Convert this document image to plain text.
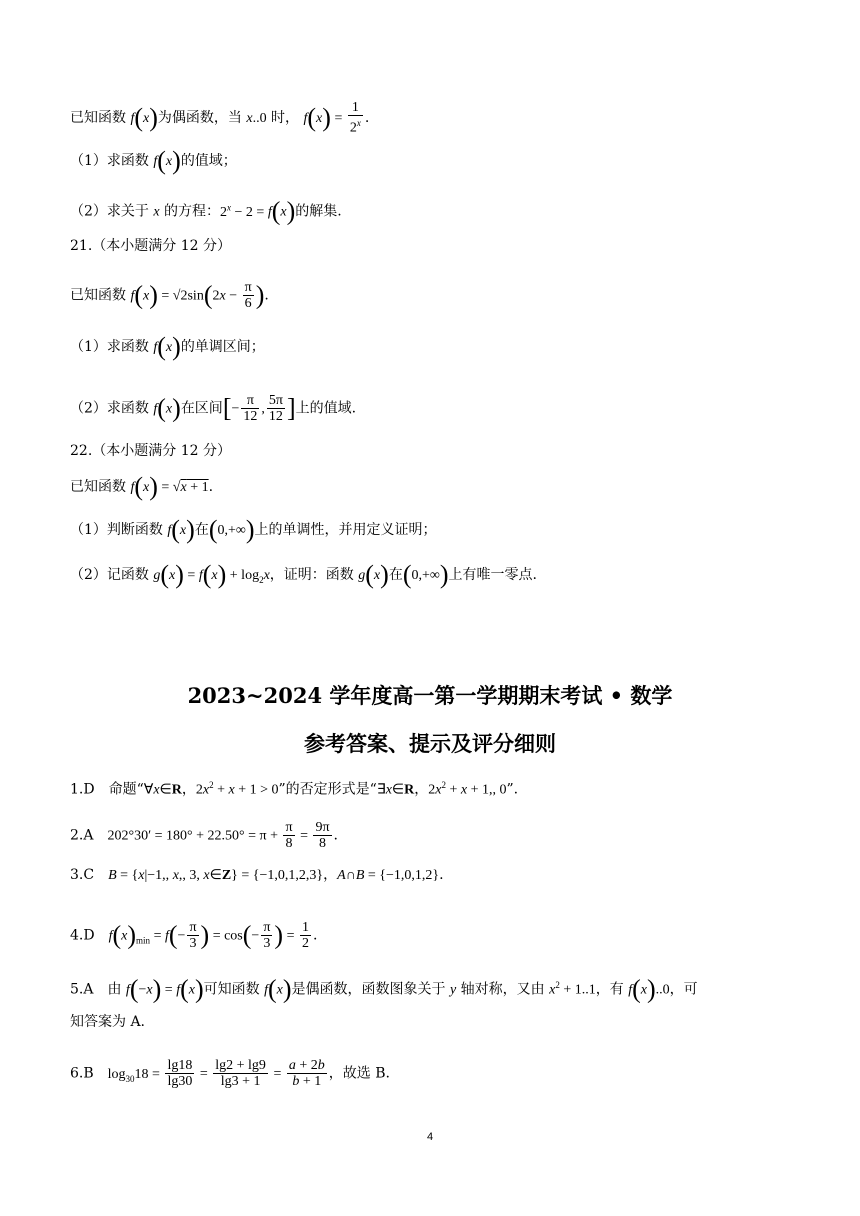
已知函数 f(x)为偶函数，当 x..0 时， $f(x) = \frac{1}{2^x}$ .
（1）求函数 f(x)的值域；
（2）求关于 x 的方程：$2^x - 2 = f(x)$的解集.
21.（本小题满分 12 分）
已知函数 $f(x) = √2\sin(2x - \frac{\pi}{6}$ ).
（1）求函数 f(x)的单调区间；
（2）求函数 f(x)在区间[− $\frac{\pi}{12}$ , $\frac{5\pi}{12}$ ]上的值域.
22.（本小题满分 12 分）
已知函数 f(x) = √x + 1.
（1）判断函数 f(x)在(0,+∞)上的单调性，并用定义证明；
（2）记函数 $g(x) = f(x) + \log_2x$，证明：函数 g(x)在(0,+∞)上有唯一零点.
2023~2024 学年度高一第一学期期末考试 • 数学
参考答案、提示及评分细则
1.D　命题“∀x∈R，$2x^2 + x + 1 > 0$”的否定形式是“∃x∈R，$2x^2 + x + 1$,, 0”.
2.A　$202^\circ 30' = 180^\circ + 22.50^\circ = \pi + \frac{\pi}{8} = \frac{9\pi}{8}$ .
3.C　B = {x|−1,, x,, 3, x∈Z} = {−1,0,1,2,3}，A∩B = {−1,0,1,2}.
4.D　$f(x)_{min} = f(- \frac{\pi}{3}$ ) = $\cos(- \frac{\pi}{3}$ ) = $\frac{1}{2}$ .
5.A　由 f(−x) = f(x)可知函数 f(x)是偶函数，函数图象关于 y 轴对称，又由 $x^2 + 1..1$，有 f(x)..0，可
知答案为 A.
6.B　$\log_{30}18 = \frac{\lg 18}{\lg 30} = \frac{\lg 2 + \lg 9}{\lg 3 + 1} = \frac{a + 2b}{b + 1}$ ，故选 B.
4
